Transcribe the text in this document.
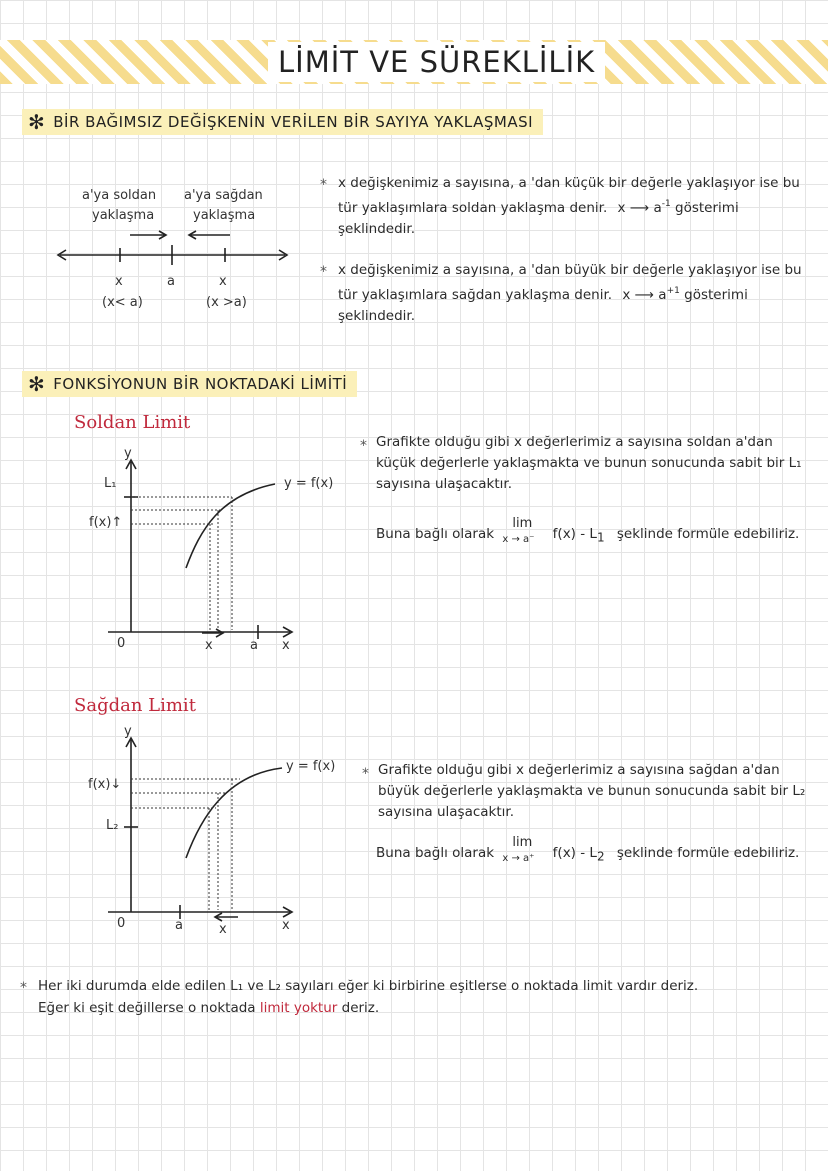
LİMİT VE SÜREKLİLİK
✻ BİR BAĞIMSIZ DEĞİŞKENİN VERİLEN BİR SAYIYA YAKLAŞMASI
a'ya soldan
yaklaşma
a'ya sağdan
yaklaşma
x	a	x
(x< a)	(x >a)
* x değişkenimiz a sayısına, a 'dan küçük bir değerle yaklaşıyor ise bu tür yaklaşımlara soldan yaklaşma denir. x ⟶ $a^{-1}$ gösterimi şeklindedir.
* x değişkenimiz a sayısına, a 'dan büyük bir değerle yaklaşıyor ise bu tür yaklaşımlara sağdan yaklaşma denir. x ⟶ $a^{+1}$ gösterimi şeklindedir.
✻ FONKSİYONUN BİR NOKTADAKİ LİMİTİ
Soldan Limit
y
L₁
f(x)↑
0	x	a x
y = f(x)
* Grafikte olduğu gibi x değerlerimiz a sayısına soldan a'dan küçük değerlerle yaklaşmakta ve bunun sonucunda sabit bir L₁ sayısına ulaşacaktır.
Buna bağlı olarak
lim
x → a⁻ $f(x) - L_1$ şeklinde formüle edebiliriz.
Sağdan Limit
y
f(x)↓
L₂
0	a	x	x
y = f(x) * Grafikte olduğu gibi x değerlerimiz a sayısına sağdan a'dan büyük değerlerle yaklaşmakta ve bunun sonucunda sabit bir L₂ sayısına ulaşacaktır.
Buna bağlı olarak
lim
x → a⁺ $f(x) - L_2$ şeklinde formüle edebiliriz.
* Her iki durumda elde edilen L₁ ve L₂ sayıları eğer ki birbirine eşitlerse o noktada limit vardır deriz.
Eğer ki eşit değillerse o noktada limit yoktur deriz.
